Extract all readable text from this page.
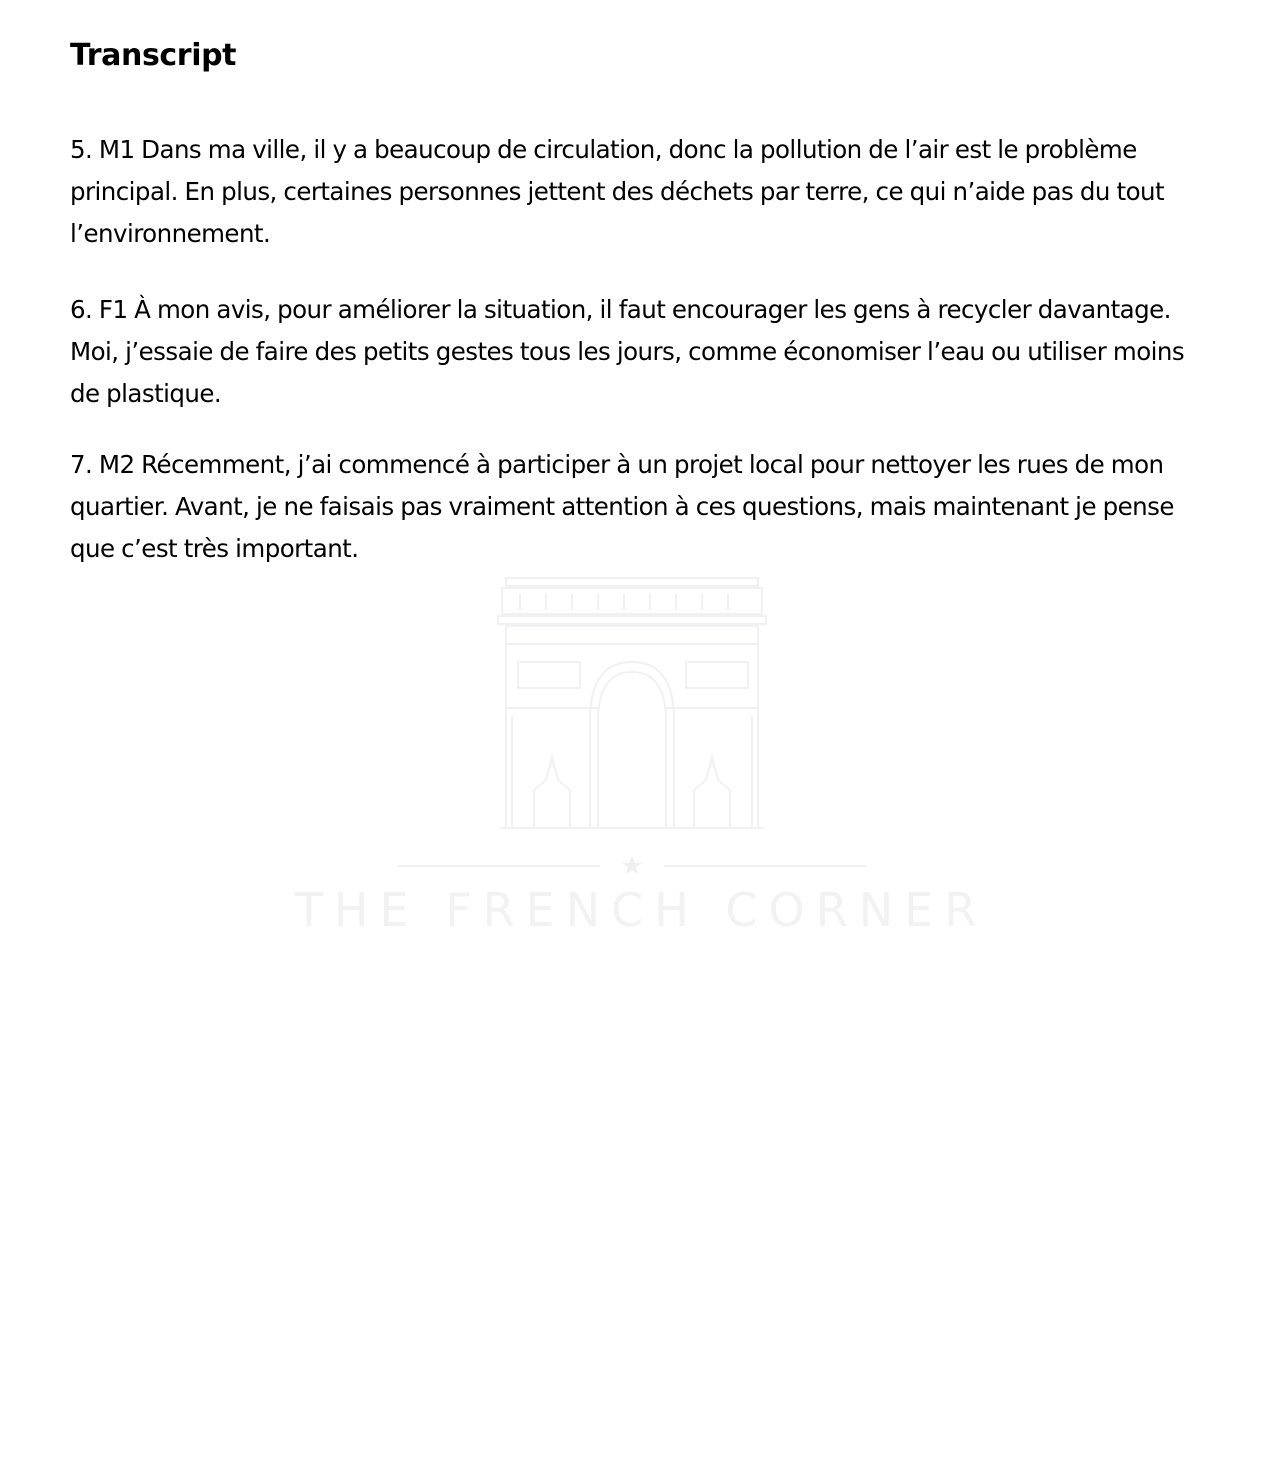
Transcript

5. M1 Dans ma ville, il y a beaucoup de circulation, donc la pollution de l’air est le problème principal. En plus, certaines personnes jettent des déchets par terre, ce qui n’aide pas du tout l’environnement.

6. F1 À mon avis, pour améliorer la situation, il faut encourager les gens à recycler davantage. Moi, j’essaie de faire des petits gestes tous les jours, comme économiser l’eau ou utiliser moins de plastique.

7. M2 Récemment, j’ai commencé à participer à un projet local pour nettoyer les rues de mon quartier. Avant, je ne faisais pas vraiment attention à ces questions, mais maintenant je pense que c’est très important.

THE FRENCH CORNER
